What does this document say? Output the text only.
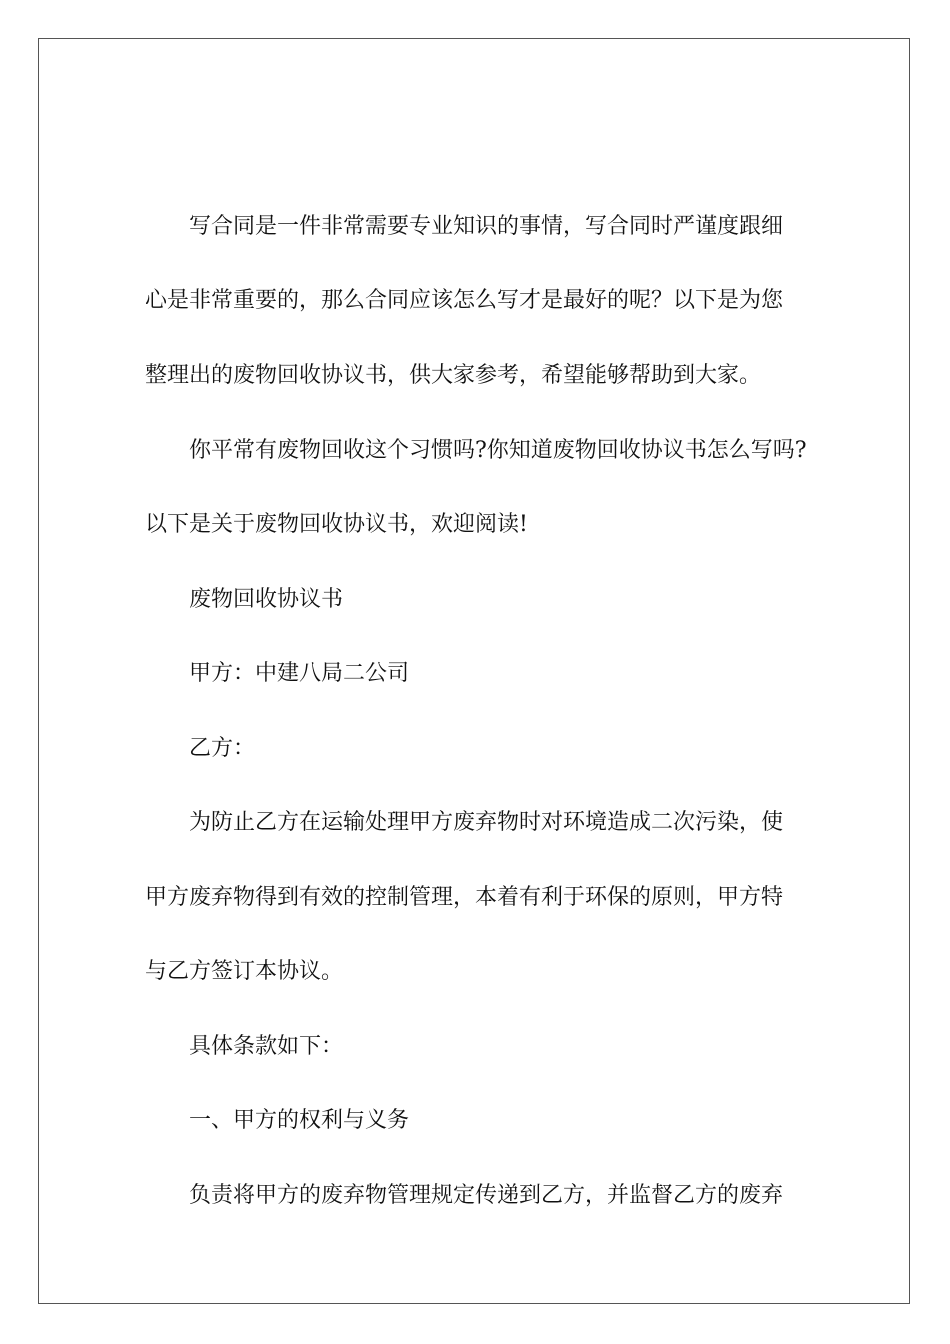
写合同是一件非常需要专业知识的事情，写合同时严谨度跟细
心是非常重要的，那么合同应该怎么写才是最好的呢？以下是为您
整理出的废物回收协议书，供大家参考，希望能够帮助到大家。
你平常有废物回收这个习惯吗?你知道废物回收协议书怎么写吗?
以下是关于废物回收协议书，欢迎阅读!
废物回收协议书
甲方：中建八局二公司
乙方：
为防止乙方在运输处理甲方废弃物时对环境造成二次污染，使
甲方废弃物得到有效的控制管理，本着有利于环保的原则，甲方特
与乙方签订本协议。
具体条款如下：
一、甲方的权利与义务
负责将甲方的废弃物管理规定传递到乙方，并监督乙方的废弃
